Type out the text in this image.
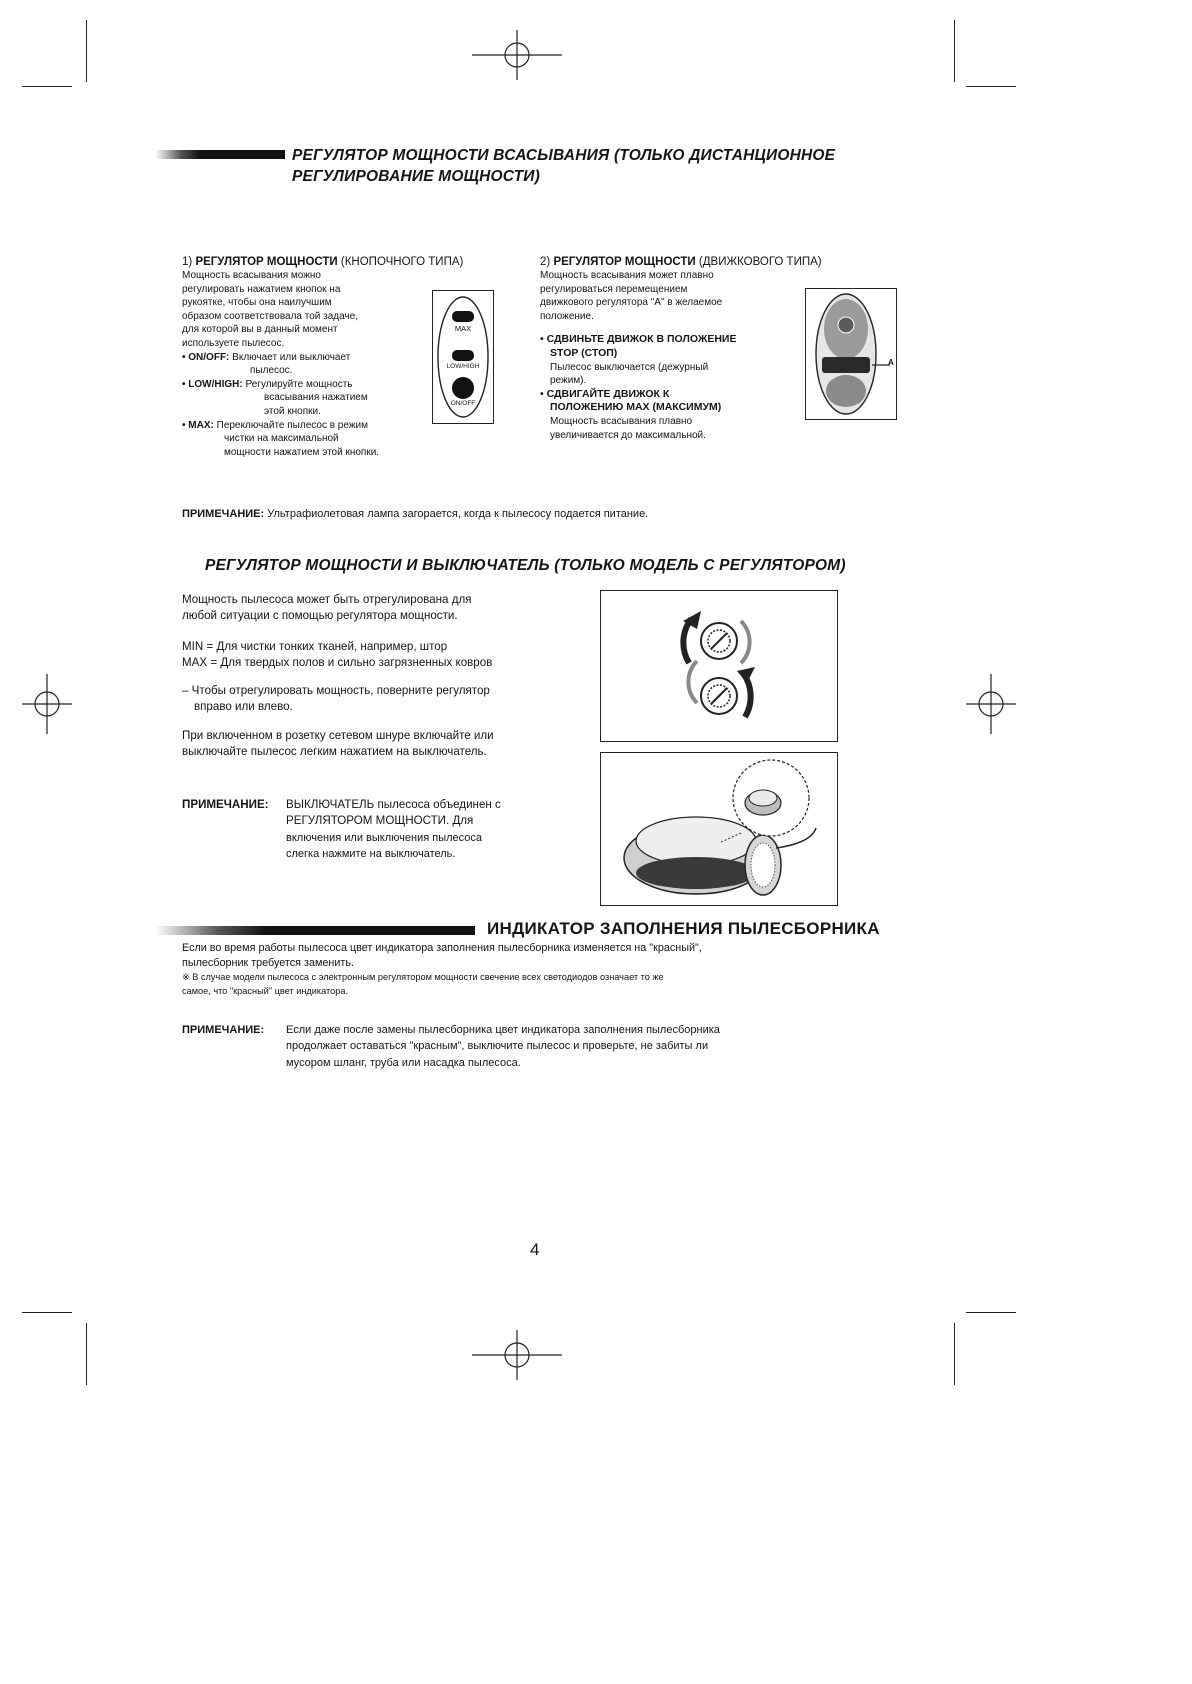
РЕГУЛЯТОР МОЩНОСТИ ВСАСЫВАНИЯ (ТОЛЬКО ДИСТАНЦИОННОЕ
РЕГУЛИРОВАНИЕ МОЩНОСТИ)
1) РЕГУЛЯТОР МОЩНОСТИ (КНОПОЧНОГО ТИПА)
Мощность всасывания можно
регулировать нажатием кнопок на
рукоятке, чтобы она наилучшим
образом соответствовала той задаче,
для которой вы в данный момент
используете пылесос.
• ON/OFF: Включает или выключает
пылесос.
• LOW/HIGH: Регулируйте мощность
всасывания нажатием
этой кнопки.
• MAX: Переключайте пылесос в режим
чистки на максимальной
мощности нажатием этой кнопки.
MAX
LOW/HIGH
ON/OFF
2) РЕГУЛЯТОР МОЩНОСТИ (ДВИЖКОВОГО ТИПА)
Мощность всасывания может плавно
регулироваться перемещением
движкового регулятора "А" в желаемое
положение.
• СДВИНЬТЕ ДВИЖОК В ПОЛОЖЕНИЕ
STOP (СТОП)
Пылесос выключается (дежурный
режим).
• СДВИГАЙТЕ ДВИЖОК К
ПОЛОЖЕНИЮ MAX (МАКСИМУМ)
Мощность всасывания плавно
увеличивается до максимальной.
A
ПРИМЕЧАНИЕ: Ультрафиолетовая лампа загорается, когда к пылесосу подается питание.
РЕГУЛЯТОР МОЩНОСТИ И ВЫКЛЮЧАТЕЛЬ (ТОЛЬКО МОДЕЛЬ С РЕГУЛЯТОРОМ)
Мощность пылесоса может быть отрегулирована для
любой ситуации с помощью регулятора мощности.
MIN = Для чистки тонких тканей, например, штор
MAX = Для твердых полов и сильно загрязненных ковров
– Чтобы отрегулировать мощность, поверните регулятор
вправо или влево.
При включенном в розетку сетевом шнуре включайте или
выключайте пылесос легким нажатием на выключатель.
ПРИМЕЧАНИЕ: ВЫКЛЮЧАТЕЛЬ пылесоса объединен с
РЕГУЛЯТОРОМ МОЩНОСТИ. Для
включения или выключения пылесоса
слегка нажмите на выключатель.
ИНДИКАТОР ЗАПОЛНЕНИЯ ПЫЛЕСБОРНИКА
Если во время работы пылесоса цвет индикатора заполнения пылесборника изменяется на "красный",
пылесборник требуется заменить.
※ В случае модели пылесоса с электронным регулятором мощности свечение всех светодиодов означает то же
самое, что "красный" цвет индикатора.
ПРИМЕЧАНИЕ: Если даже после замены пылесборника цвет индикатора заполнения пылесборника
продолжает оставаться "красным", выключите пылесос и проверьте, не забиты ли
мусором шланг, труба или насадка пылесоса.
4
